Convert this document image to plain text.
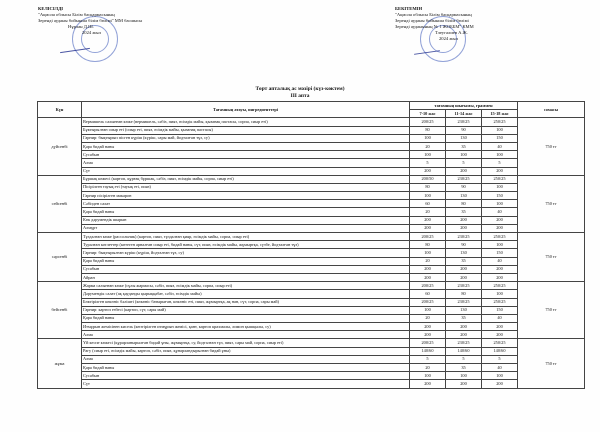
КЕЛІСІЛДІ
"Ақмола облысы Білім басқармасының
Зеренді ауданы бойынша білім бөлімі" ММ басшысы
Нұрлан Д.Ш.
2024 жыл
БЕКІТЕМІН
"Ақмола облысы Білім басқармасының
Зеренді ауданы бойынша білім бөлімі
Зеренді ауданының № 1 ЖОББМ" КММ
Тлеугалиев А.Ж.
2024 жыл
Төрт апталық ас мәзірі (күз-көктем)
III апта
Күн	Тағамның атауы, ингредиенттері	тағамның шығымы, граммен			сомасы
		7-10 жас	11-14 жас	15-18 жас	
дүйсенбі	Вермишель салынған көже (вермишель, сәбіз, пияз, өсімдік майы, қызанақ пастасы, сорпа, сиыр еті)	200/25	230/25	250/25	750 тг
	Бұктырылған сиыр еті (сиыр еті, пияз, өсімдік майы, қызанақ пастасы)	80	90	100	
	Гарнир: бықтырып пісген күріш (күріш, сары май, йодталған тұз, су)	100	130	150	
	Қара бидай наны	20	35	40	
	Сусабын	100	100	100	
	Алма	5	5	5	
	Сүт	200	200	200	
сейсенбі	Бұршақ көжесі (картоп, құрғақ бұршақ, сәбіз, пияз, өсімдік майы, сорпа, сиыр еті)	200/50	230/25	250/25	750 тг
	Пісірілген тауық еті (тауық еті, пияз)	80	90	100	
	Гарнир пісірілген макарон	100	130	150	
	Сәбізден салат	60	80	100	
	Қара бидай наны	20	35	40	
	Көк дәрумендік шырын	200	200	200	
	Алмұрт	200	200	200	
сәрсенбі	Тұздалған көже (рассольник) (картоп, пияз, тұздалған қияр, өсімдік майы, сорпа, сиыр еті)	200/25	230/25	250/25	750 тг
	Туралған котлеттер (көтеген арналған сиыр еті, бидай наны, сүт, пияз, өсімдік майы, жұмыртқа, сүзбе, йодталған тұз)	80	90	100	
	Гарнир: бықтырылған күріш (күріш, йодталған тұз, су)	100	130	150	
	Қара бидай наны	20	35	40	
	Сусабын	200	200	200	
	Айран	200	200	200	
бейсенбі	Жарма салынған көже (сұлы жармасы, сәбіз, пияз, өсімдік майы, сорпа, сиыр еті)	200/25	230/25	250/25	750 тг
	Дәрумендік салат (ақ қауданды қырыққабат, сәбіз, өсімдік майы)	60	80	100	
	Бөктірілген көкөніс бәлішті (көкөніс батырыған, көкөніс еті, пияз, жұмыртқа, ақ нан, сүт, сорпа, сары май)	200/25	230/25	250/25	
	Гарнир: картоп езбесі (картоп, сүт, сары май)	100	130	150	
	Қара бидай наны	20	35	40	
	Итмұрын жемісінен кисель (кептірілген итмұрын жемісі, қант, картоп крахмалы, лимон қышқылы, су)	200	200	200	
	Алма	200	200	200	
жұма	Үй кеспе көжесі (құрарланырылған бидай ұны, жұмыртқа, су, йодталған тұз, пияз, сары май, сорпа, сиыр еті)	200/25	230/25	250/25	750 тг
	Рагу (сиыр еті, өсімдік майы, картоп, сәбіз, пияз, құнарландырылған бидай ұны)	140/60	140/60	140/60	
	Алма	5	5	5	
	Қара бидай наны	20	35	40	
	Сусабын	100	100	100	
	Сүт	200	200	200	
